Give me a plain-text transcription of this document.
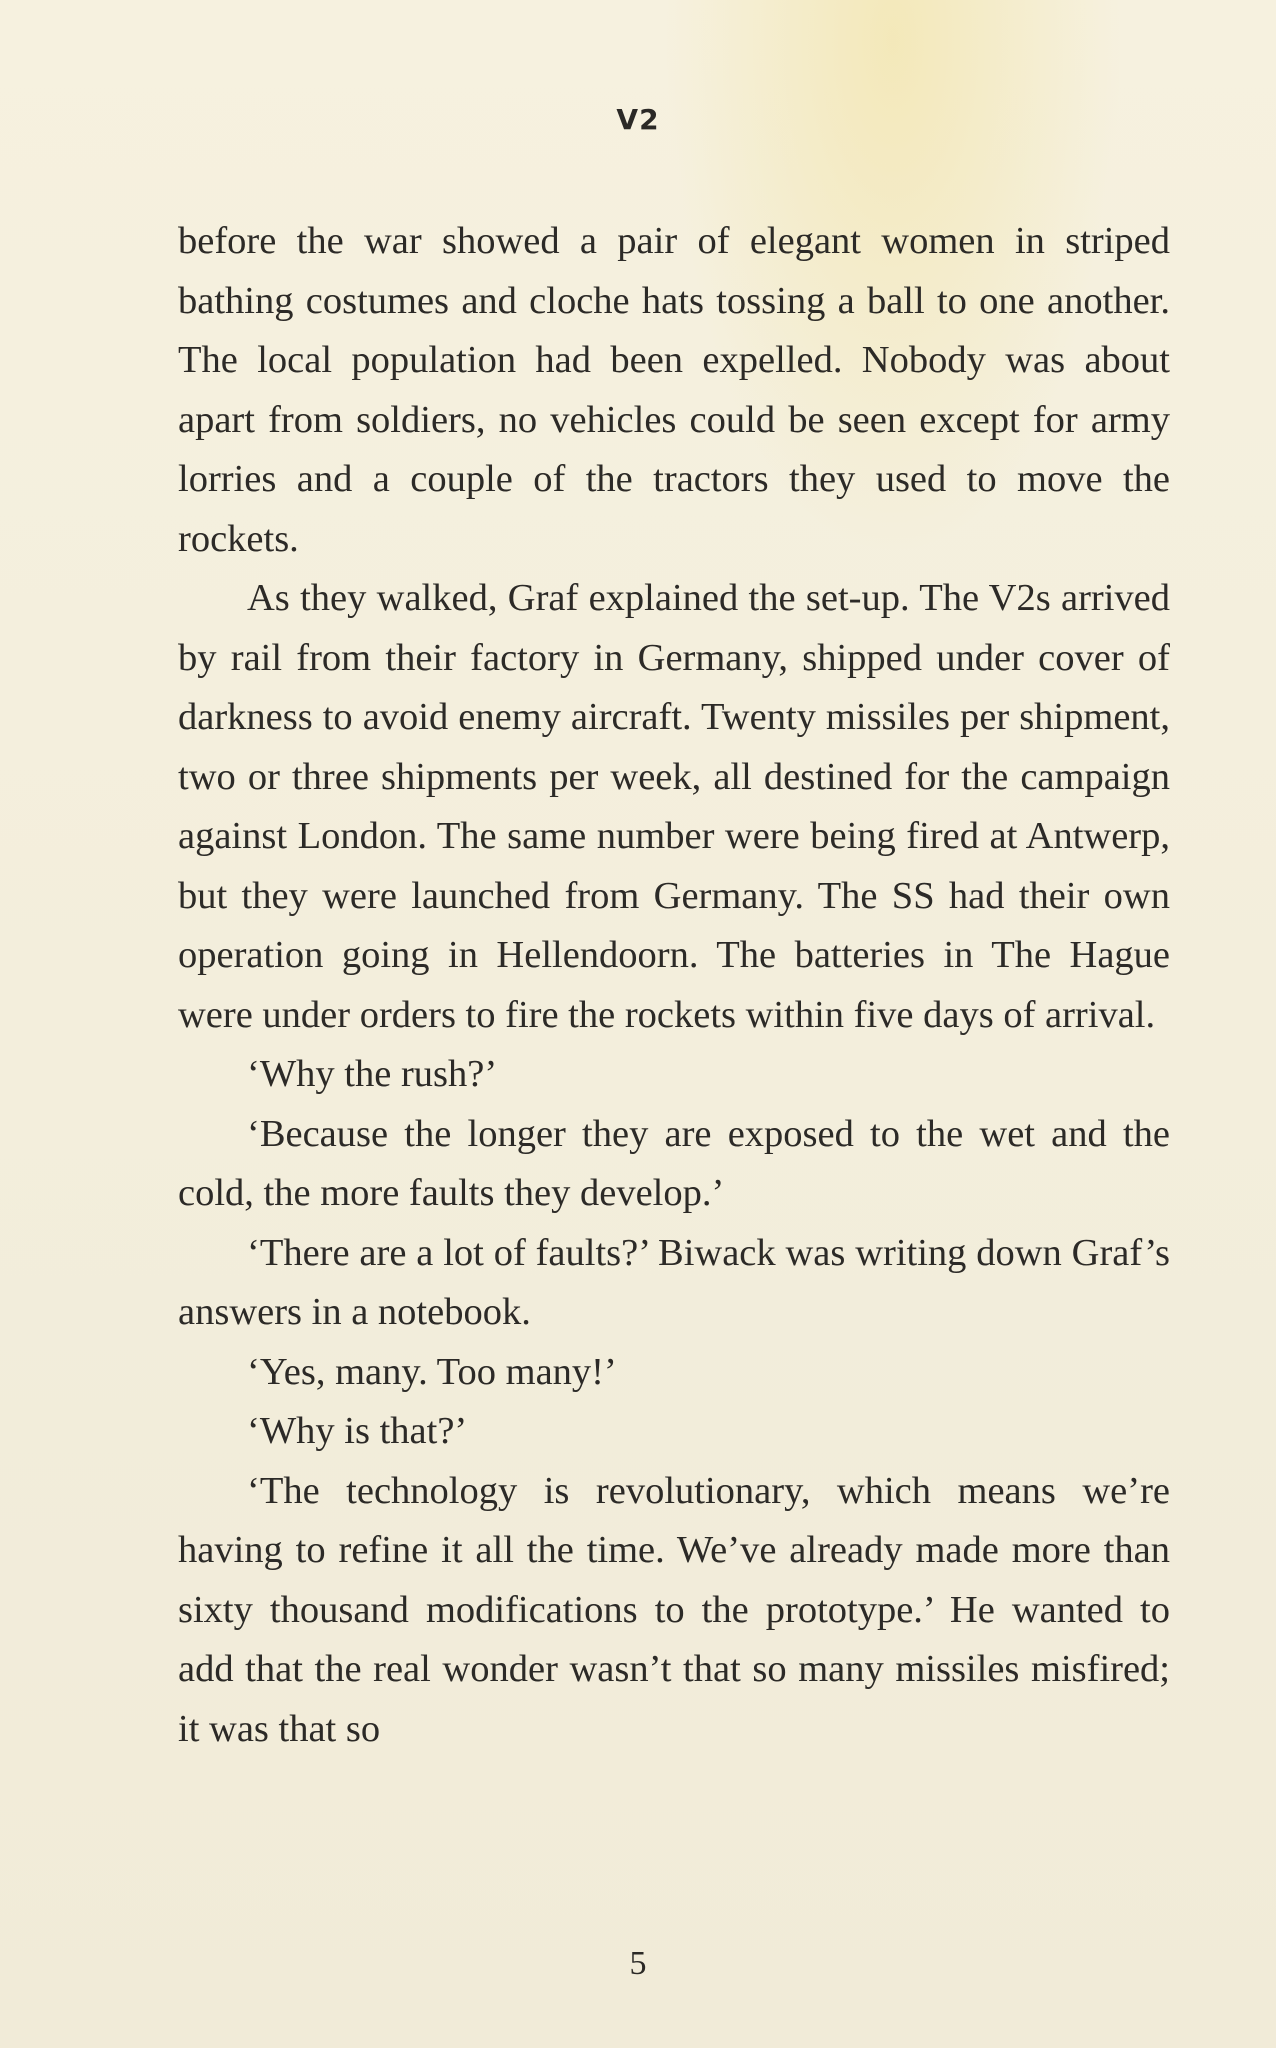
V2

before the war showed a pair of elegant women in striped bathing costumes and cloche hats tossing a ball to one another. The local population had been expelled. Nobody was about apart from soldiers, no vehicles could be seen except for army lorries and a couple of the tractors they used to move the rockets.

As they walked, Graf explained the set-up. The V2s arrived by rail from their factory in Germany, shipped under cover of darkness to avoid enemy aircraft. Twenty missiles per shipment, two or three shipments per week, all destined for the campaign against London. The same number were being fired at Antwerp, but they were launched from Germany. The SS had their own operation going in Hellendoorn. The batteries in The Hague were under orders to fire the rockets within five days of arrival.

‘Why the rush?’

‘Because the longer they are exposed to the wet and the cold, the more faults they develop.’

‘There are a lot of faults?’ Biwack was writing down Graf’s answers in a notebook.

‘Yes, many. Too many!’

‘Why is that?’

‘The technology is revolutionary, which means we’re having to refine it all the time. We’ve already made more than sixty thousand modifications to the prototype.’ He wanted to add that the real wonder wasn’t that so many missiles misfired; it was that so

5
